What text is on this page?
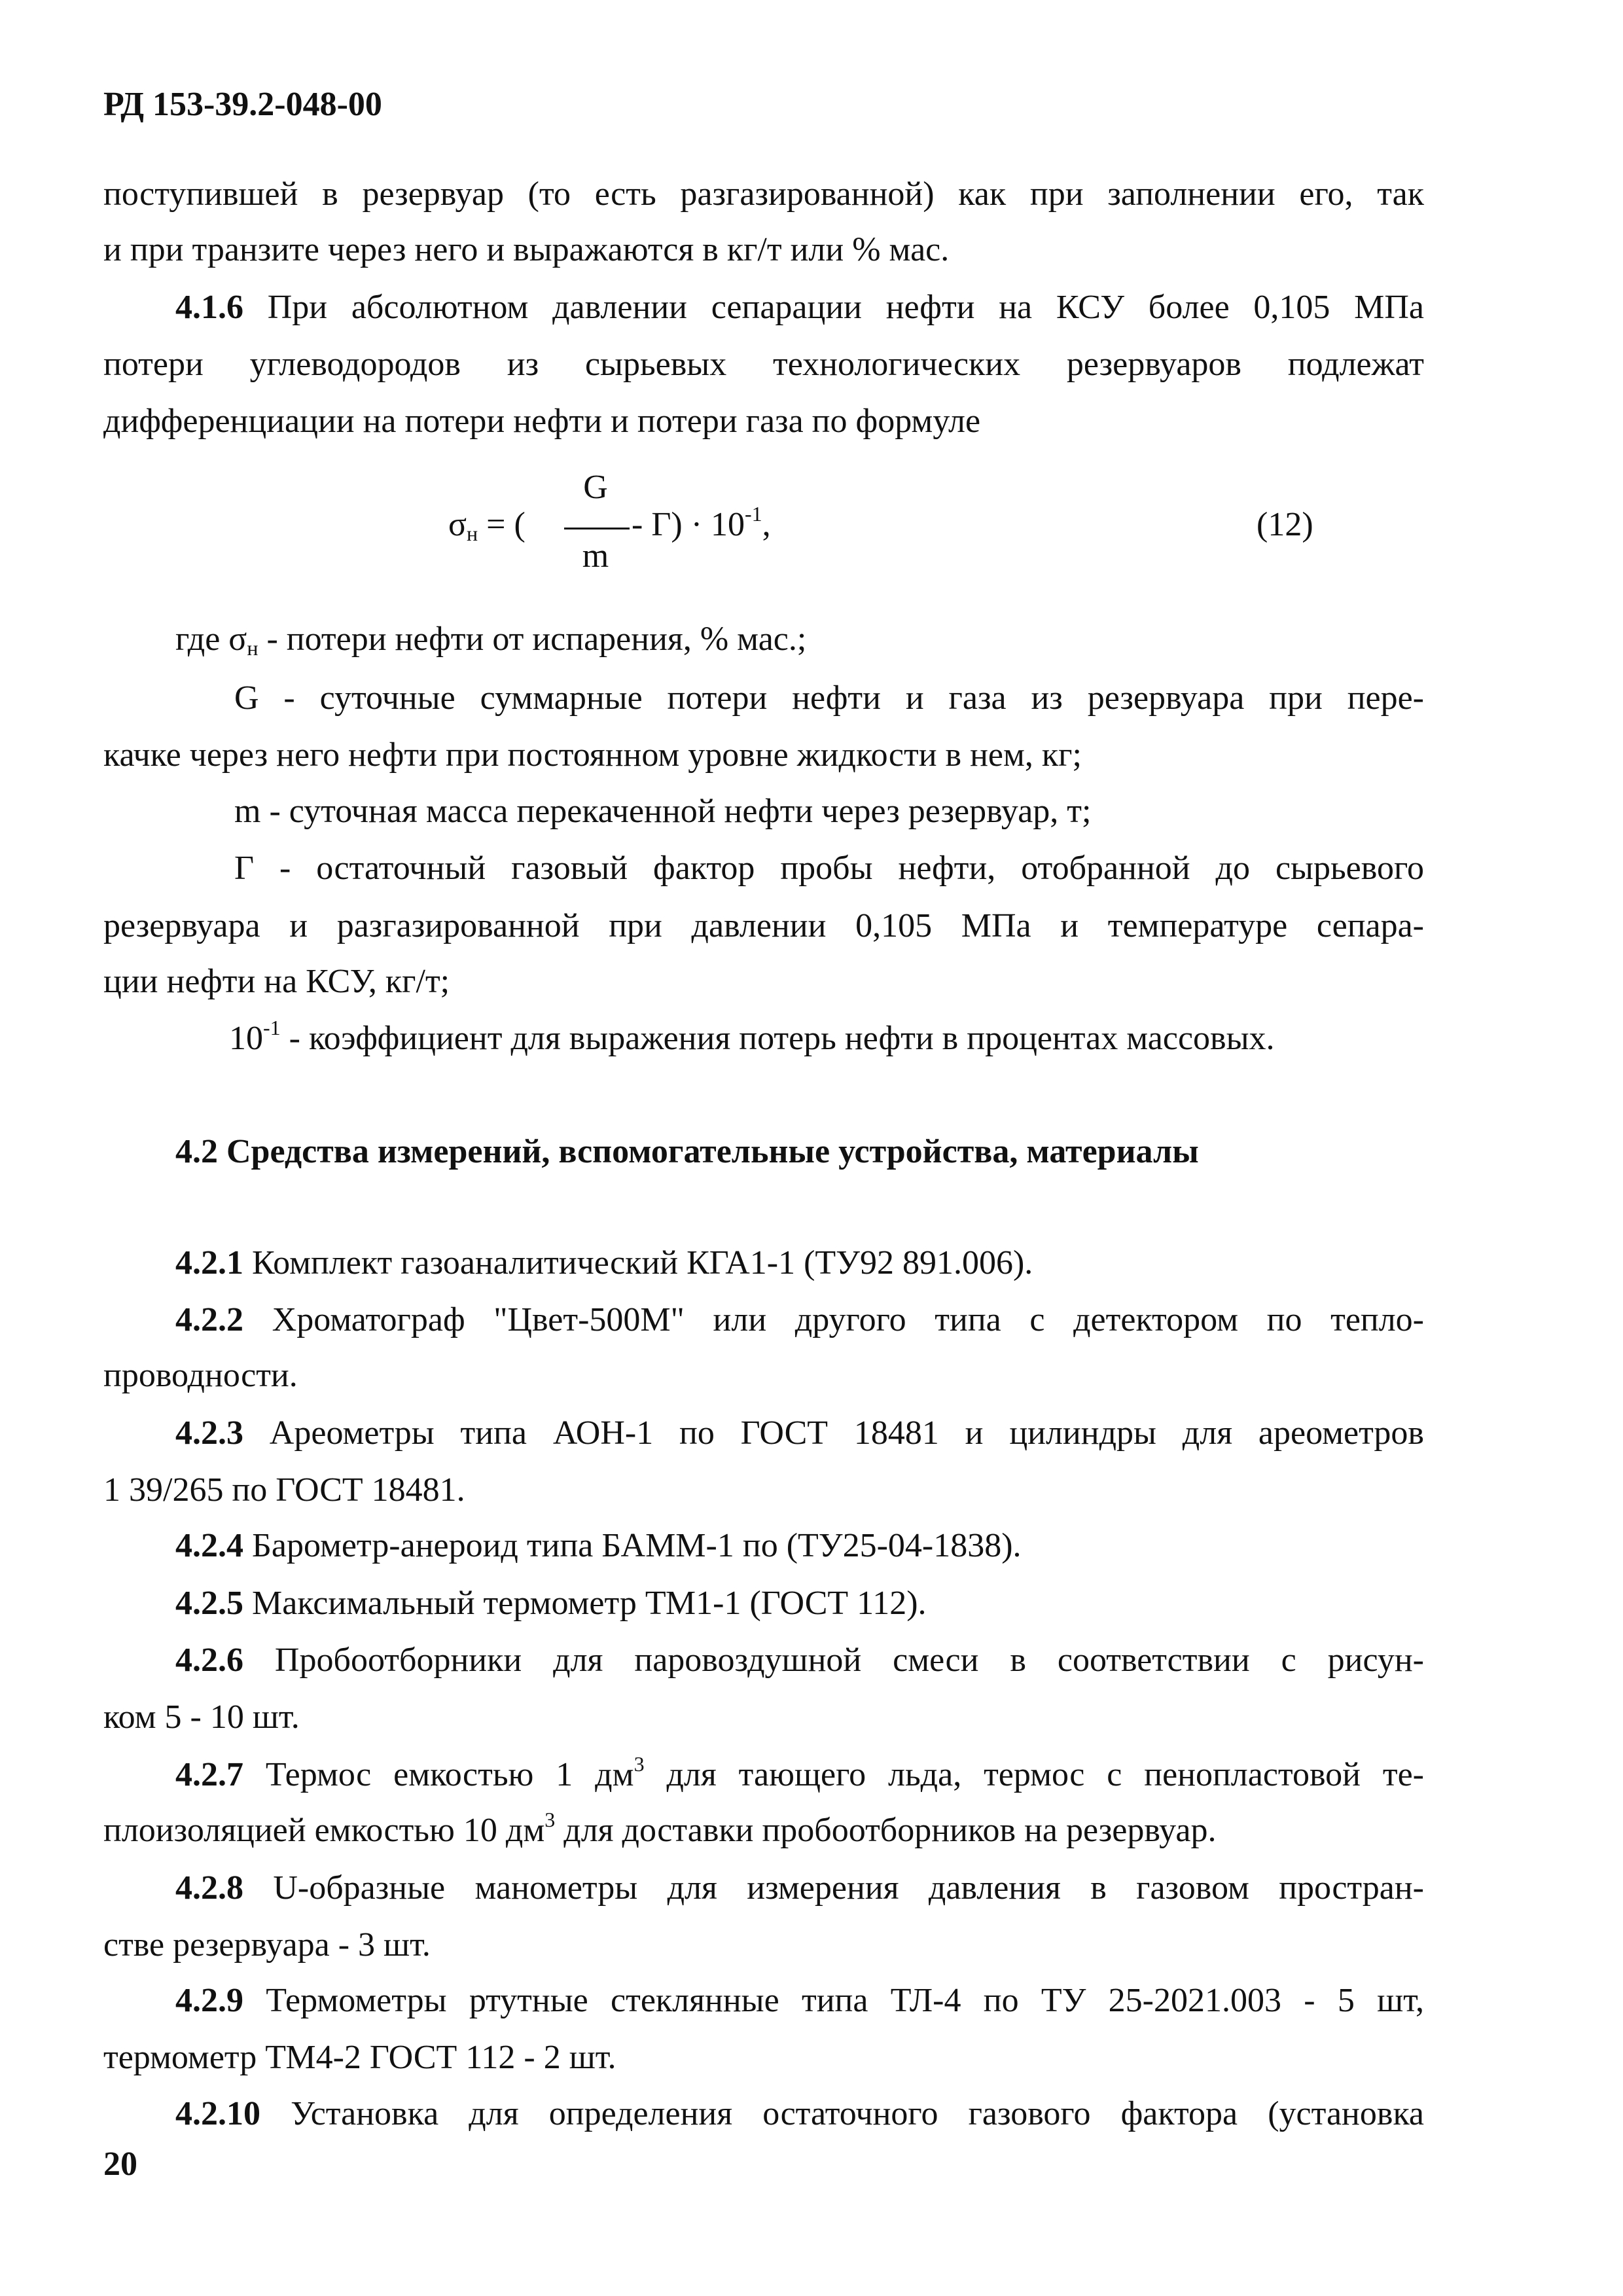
РД 153-39.2-048-00
поступившей в резервуар (то есть разгазированной) как при заполнении его, так
и при транзите через него и выражаются в кг/т или % мас.
4.1.6 При абсолютном давлении сепарации нефти на КСУ более 0,105 МПа
потери углеводородов из сырьевых технологических резервуаров подлежат
дифференциации на потери нефти и потери газа по формуле
G
m
$\sigma_н$ = (	- $Г) \cdot 10^{-1}$,	(12)
где $\sigma_н$ - потери нефти от испарения, % мас.;
G - суточные суммарные потери нефти и газа из резервуара при пере-
качке через него нефти при постоянном уровне жидкости в нем, кг;
m - суточная масса перекаченной нефти через резервуар, т;
Г - остаточный газовый фактор пробы нефти, отобранной до сырьевого
резервуара и разгазированной при давлении 0,105 МПа и температуре сепара-
ции нефти на КСУ, кг/т;
$10^{-1}$ - коэффициент для выражения потерь нефти в процентах массовых.
4.2 Средства измерений, вспомогательные устройства, материалы
4.2.1 Комплект газоаналитический КГА1-1 (ТУ92 891.006).
4.2.2 Хроматограф "Цвет-500М" или другого типа с детектором по тепло-
проводности.
4.2.3 Ареометры типа АОН-1 по ГОСТ 18481 и цилиндры для ареометров
1 39/265 по ГОСТ 18481.
4.2.4 Барометр-анероид типа БАММ-1 по (ТУ25-04-1838).
4.2.5 Максимальный термометр ТМ1-1 (ГОСТ 112).
4.2.6 Пробоотборники для паровоздушной смеси в соответствии с рисун-
ком 5 - 10 шт.
4.2.7 Термос емкостью 1 $дм^3$ для тающего льда, термос с пенопластовой те-
плоизоляцией емкостью 10 $дм^3$ для доставки пробоотборников на резервуар.
4.2.8 U-образные манометры для измерения давления в газовом простран-
стве резервуара - 3 шт.
4.2.9 Термометры ртутные стеклянные типа ТЛ-4 по ТУ 25-2021.003 - 5 шт,
термометр ТМ4-2 ГОСТ 112 - 2 шт.
4.2.10 Установка для определения остаточного газового фактора (установка
20
